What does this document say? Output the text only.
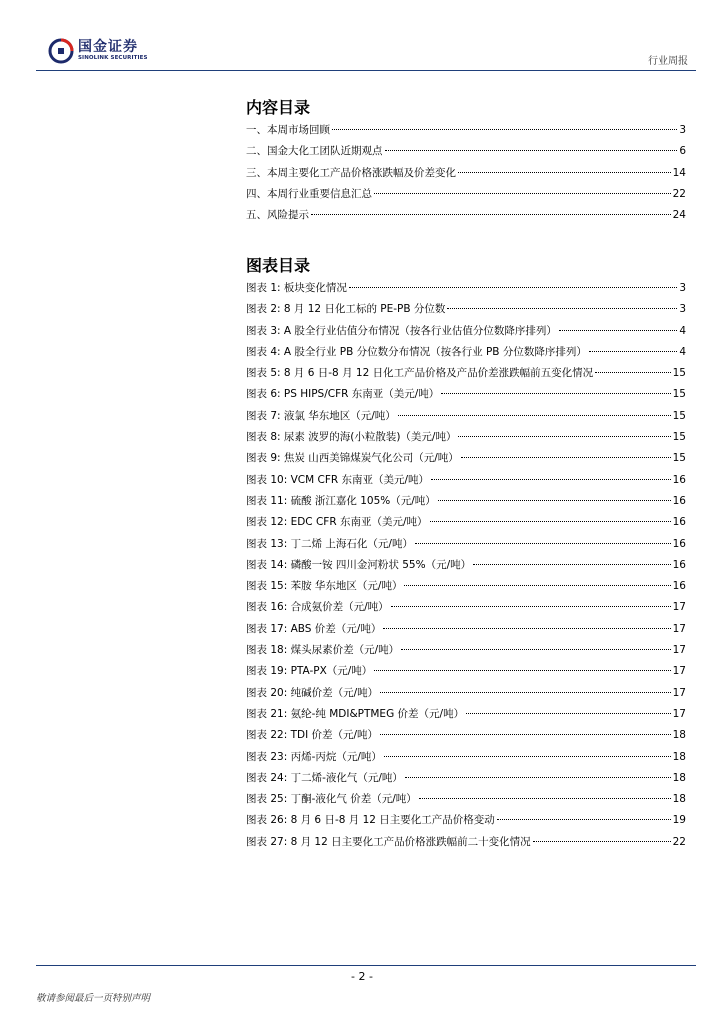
国金证券
SINOLINK SECURITIES	行业周报
内容目录
一、本周市场回顾	3
二、国金大化工团队近期观点	6
三、本周主要化工产品价格涨跌幅及价差变化	14
四、本周行业重要信息汇总	22
五、风险提示	24
图表目录
图表 1: 板块变化情况	3
图表 2: 8 月 12 日化工标的 PE-PB 分位数	3
图表 3: A 股全行业估值分布情况（按各行业估值分位数降序排列）	4
图表 4: A 股全行业 PB 分位数分布情况（按各行业 PB 分位数降序排列）	4
图表 5: 8 月 6 日-8 月 12 日化工产品价格及产品价差涨跌幅前五变化情况	15
图表 6: PS HIPS/CFR 东南亚（美元/吨）	15
图表 7: 液氯 华东地区（元/吨）	15
图表 8: 尿素 波罗的海(小粒散装)（美元/吨）	15
图表 9: 焦炭 山西美锦煤炭气化公司（元/吨）	15
图表 10: VCM CFR 东南亚（美元/吨）	16
图表 11: 硫酸 浙江嘉化 105%（元/吨）	16
图表 12: EDC CFR 东南亚（美元/吨）	16
图表 13: 丁二烯 上海石化（元/吨）	16
图表 14: 磷酸一铵 四川金河粉状 55%（元/吨）	16
图表 15: 苯胺 华东地区（元/吨）	16
图表 16: 合成氨价差（元/吨）	17
图表 17: ABS 价差（元/吨）	17
图表 18: 煤头尿素价差（元/吨）	17
图表 19: PTA-PX（元/吨）	17
图表 20: 纯碱价差（元/吨）	17
图表 21: 氨纶-纯 MDI&PTMEG 价差（元/吨）	17
图表 22: TDI 价差（元/吨）	18
图表 23: 丙烯-丙烷（元/吨）	18
图表 24: 丁二烯-液化气（元/吨）	18
图表 25: 丁酮-液化气 价差（元/吨）	18
图表 26: 8 月 6 日-8 月 12 日主要化工产品价格变动	19
图表 27: 8 月 12 日主要化工产品价格涨跌幅前二十变化情况	22
- 2 -
敬请参阅最后一页特别声明
